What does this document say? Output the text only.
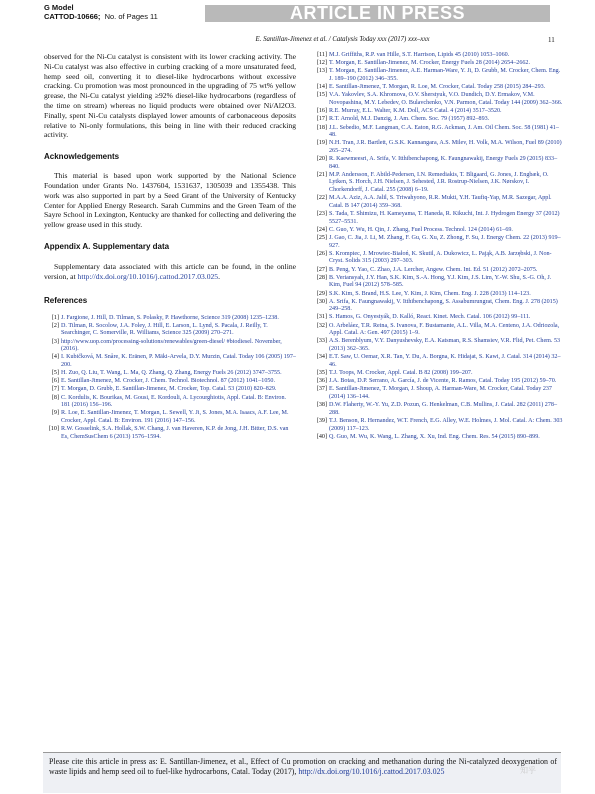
G Model
CATTOD-10666; No. of Pages 11	ARTICLE IN PRESS
E. Santillan-Jimenez et al. / Catalysis Today xxx (2017) xxx–xxx	11

observed for the Ni-Cu catalyst is consistent with its lower cracking activity. The Ni-Cu catalyst was also effective in curbing cracking of a more unsaturated feed, hemp seed oil, converting it to diesel-like hydrocarbons without excessive cracking. Cu promotion was most pronounced in the upgrading of 75 wt% yellow grease, the Ni-Cu catalyst yielding ≥92% diesel-like hydrocarbons (regardless of the time on stream) whereas no liquid products were obtained over Ni/Al2O3. Finally, spent Ni-Cu catalysts displayed lower amounts of carbonaceous deposits relative to Ni-only formulations, this being in line with their reduced cracking activity.

Acknowledgements

This material is based upon work supported by the National Science Foundation under Grants No. 1437604, 1531637, 1305039 and 1355438. This work was also supported in part by a Seed Grant of the University of Kentucky Center for Applied Energy Research. Sarah Cummins and the Green Team of the Sayre School in Lexington, Kentucky are thanked for collecting and delivering the yellow grease used in this study.

Appendix A. Supplementary data

Supplementary data associated with this article can be found, in the online version, at http://dx.doi.org/10.1016/j.cattod.2017.03.025.

References
[1] J. Fargione, J. Hill, D. Tilman, S. Polasky, P. Hawthorne, Science 319 (2008) 1235–1238.
[2] D. Tilman, R. Socolow, J.A. Foley, J. Hill, E. Larson, L. Lynd, S. Pacala, J. Reilly, T. Searchinger, C. Somerville, R. Williams, Science 325 (2009) 270–271.
[3] http://www.uop.com/processing-solutions/renewables/green-diesel/ #biodiesel. November, (2016).
[4] I. Kubičková, M. Snåre, K. Eränen, P. Mäki-Arvela, D.Y. Murzin, Catal. Today 106 (2005) 197–200.
[5] H. Zuo, Q. Liu, T. Wang, L. Ma, Q. Zhang, Q. Zhang, Energy Fuels 26 (2012) 3747–3755.
[6] E. Santillan-Jimenez, M. Crocker, J. Chem. Technol. Biotechnol. 87 (2012) 1041–1050.
[7] T. Morgan, D. Grubb, E. Santillan-Jimenez, M. Crocker, Top. Catal. 53 (2010) 820–829.
[8] C. Kordulis, K. Bourikas, M. Gousi, E. Kordouli, A. Lycourghiotis, Appl. Catal. B: Environ. 181 (2016) 156–196.
[9] R. Loe, E. Santillan-Jimenez, T. Morgan, L. Sewell, Y. Ji, S. Jones, M.A. Isaacs, A.F. Lee, M. Crocker, Appl. Catal. B: Environ. 191 (2016) 147–156.
[10] R.W. Gosselink, S.A. Hollak, S.W. Chang, J. van Haveren, K.P. de Jong, J.H. Bitter, D.S. van Es, ChemSusChem 6 (2013) 1576–1594.
[11] M.J. Griffiths, R.P. van Hille, S.T. Harrison, Lipids 45 (2010) 1053–1060.
[12] T. Morgan, E. Santillan-Jimenez, M. Crocker, Energy Fuels 28 (2014) 2654–2662.
[13] T. Morgan, E. Santillan-Jimenez, A.E. Harman-Ware, Y. Ji, D. Grubb, M. Crocker, Chem. Eng. J. 189–190 (2012) 346–355.
[14] E. Santillan-Jimenez, T. Morgan, R. Loe, M. Crocker, Catal. Today 258 (2015) 284–293.
[15] V.A. Yakovlev, S.A. Khromova, O.V. Sherstyuk, V.O. Dundich, D.Y. Ermakov, V.M. Novopashina, M.Y. Lebedev, O. Bulavchenko, V.N. Parmon, Catal. Today 144 (2009) 362–366.
[16] R.E. Murray, E.L. Walter, K.M. Doll, ACS Catal. 4 (2014) 3517–3520.
[17] R.T. Arnold, M.J. Danzig, J. Am. Chem. Soc. 79 (1957) 892–893.
[18] J.L. Sebedio, M.F. Langman, C.A. Eaton, R.G. Ackman, J. Am. Oil Chem. Soc. 58 (1981) 41–48.
[19] N.H. Tran, J.R. Bartlett, G.S.K. Kannangara, A.S. Milev, H. Volk, M.A. Wilson, Fuel 89 (2010) 265–274.
[20] R. Kaewmeesri, A. Srifa, V. Itthibenchapong, K. Faungnawakij, Energy Fuels 29 (2015) 833–840.
[21] M.P. Andersson, F. Abild-Pedersen, I.N. Remediakis, T. Bligaard, G. Jones, J. Engbæk, O. Lytken, S. Horch, J.H. Nielsen, J. Sehested, J.R. Rostrup-Nielsen, J.K. Nørskov, I. Chorkendorff, J. Catal. 255 (2008) 6–19.
[22] M.A.A. Aziz, A.A. Jalil, S. Triwahyono, R.R. Mukti, Y.H. Taufiq-Yap, M.R. Sazegar, Appl. Catal. B 147 (2014) 359–368.
[23] S. Tada, T. Shimizu, H. Kameyama, T. Haneda, R. Kikuchi, Int. J. Hydrogen Energy 37 (2012) 5527–5531.
[24] C. Guo, Y. Wu, H. Qin, J. Zhang, Fuel Process. Technol. 124 (2014) 61–69.
[25] J. Gao, C. Jia, J. Li, M. Zhang, F. Gu, G. Xu, Z. Zhong, F. Su, J. Energy Chem. 22 (2013) 919–927.
[26] S. Krompiec, J. Mrowiec-Białoń, K. Skutil, A. Dukowicz, L. Pająk, A.B. Jarzębski, J. Non-Cryst. Solids 315 (2003) 297–303.
[27] B. Peng, Y. Yao, C. Zhao, J.A. Lercher, Angew. Chem. Int. Ed. 51 (2012) 2072–2075.
[28] B. Veriansyah, J.Y. Han, S.K. Kim, S.-A. Hong, Y.J. Kim, J.S. Lim, Y.-W. Shu, S.-G. Oh, J. Kim, Fuel 94 (2012) 578–585.
[29] S.K. Kim, S. Brand, H.S. Lee, Y. Kim, J. Kim, Chem. Eng. J. 228 (2013) 114–123.
[30] A. Srifa, K. Faungnawakij, V. Itthibenchapong, S. Assabumrungrat, Chem. Eng. J. 278 (2015) 249–258.
[31] S. Hamos, G. Onyestyák, D. Kalló, React. Kinet. Mech. Catal. 106 (2012) 99–111.
[32] O. Arbeláez, T.R. Reina, S. Ivanova, F. Bustamante, A.L. Villa, M.A. Centeno, J.A. Odriozola, Appl. Catal. A: Gen. 497 (2015) 1–9.
[33] A.S. Berenblyum, V.Y. Danyushevsky, E.A. Katsman, R.S. Shamsiev, V.R. Flid, Pet. Chem. 53 (2013) 362–365.
[34] E.T. Saw, U. Oemar, X.R. Tan, Y. Du, A. Borgna, K. Hidajat, S. Kawi, J. Catal. 314 (2014) 32–46.
[35] T.J. Toops, M. Crocker, Appl. Catal. B 82 (2008) 199–207.
[36] J.A. Botas, D.P. Serrano, A. García, J. de Vicente, R. Ramos, Catal. Today 195 (2012) 59–70.
[37] E. Santillan-Jimenez, T. Morgan, J. Shoup, A. Harman-Ware, M. Crocker, Catal. Today 237 (2014) 136–144.
[38] D.W. Flaherty, W.-Y. Yu, Z.D. Pozun, G. Henkelman, C.B. Mullins, J. Catal. 282 (2011) 278–288.
[39] T.J. Benson, R. Hernandez, W.T. French, E.G. Alley, W.E. Holmes, J. Mol. Catal. A: Chem. 303 (2009) 117–123.
[40] Q. Guo, M. Wu, K. Wang, L. Zhang, X. Xu, Ind. Eng. Chem. Res. 54 (2015) 890–899.
Please cite this article in press as: E. Santillan-Jimenez, et al., Effect of Cu promotion on cracking and methanation during the Ni-catalyzed deoxygenation of waste lipids and hemp seed oil to fuel-like hydrocarbons, Catal. Today (2017), http://dx.doi.org/10.1016/j.cattod.2017.03.025	知乎
